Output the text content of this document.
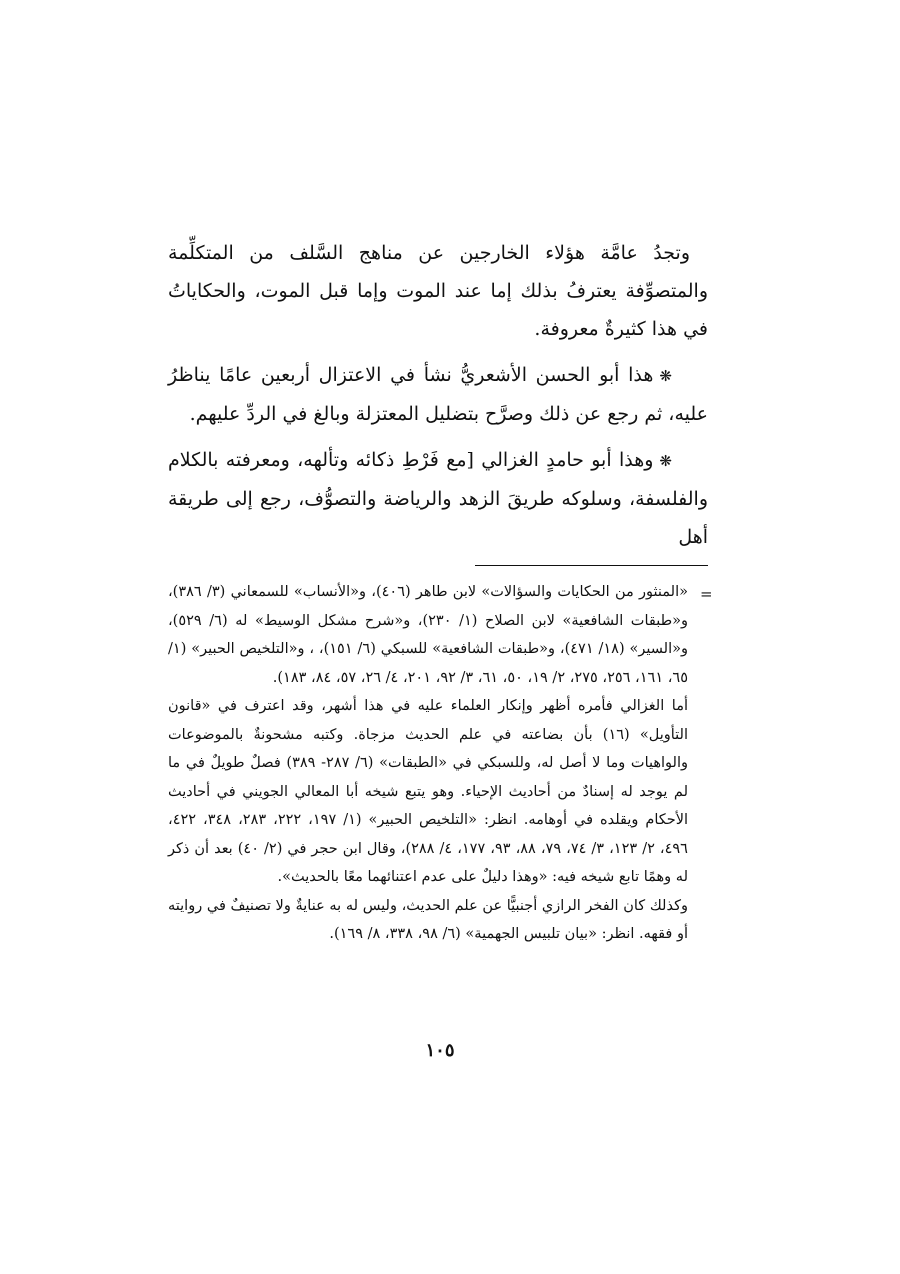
وتجدُ عامَّة هؤلاء الخارجين عن مناهج السَّلف من المتكلِّمة والمتصوِّفة يعترفُ بذلك إما عند الموت وإما قبل الموت، والحكاياتُ في هذا كثيرةٌ معروفة.

❋هذا أبو الحسن الأشعريُّ نشأ في الاعتزال أربعين عامًا يناظرُ عليه، ثم رجع عن ذلك وصرَّح بتضليل المعتزلة وبالغ في الردِّ عليهم.

❋وهذا أبو حامدٍ الغزالي [مع فَرْطِ ذكائه وتألهه، ومعرفته بالكلام والفلسفة، وسلوكه طريقَ الزهد والرياضة والتصوُّف، رجع إلى طريقة أهل

=

«المنثور من الحكايات والسؤالات» لابن طاهر (٤٠٦)، و«الأنساب» للسمعاني (٣/ ٣٨٦)، و«طبقات الشافعية» لابن الصلاح (١/ ٢٣٠)، و«شرح مشكل الوسيط» له (٦/ ٥٢٩)، و«السير» (١٨/ ٤٧١)، و«طبقات الشافعية» للسبكي (٦/ ١٥١)، ، و«التلخيص الحبير» (١/ ٦٥، ١٦١، ٢٥٦، ٢٧٥، ٢/ ١٩، ٥٠، ٦١، ٣/ ٩٢، ٢٠١، ٤/ ٢٦، ٥٧، ٨٤، ١٨٣).

أما الغزالي فأمره أظهر وإنكار العلماء عليه في هذا أشهر، وقد اعترف في «قانون التأويل» (١٦) بأن بضاعته في علم الحديث مزجاة. وكتبه مشحونةٌ بالموضوعات والواهيات وما لا أصل له، وللسبكي في «الطبقات» (٦/ ٢٨٧- ٣٨٩) فصلٌ طويلٌ في ما لم يوجد له إسنادٌ من أحاديث الإحياء. وهو يتبع شيخه أبا المعالي الجويني في أحاديث الأحكام ويقلده في أوهامه. انظر: «التلخيص الحبير» (١/ ١٩٧، ٢٢٢، ٢٨٣، ٣٤٨، ٤٢٢، ٤٩٦، ٢/ ١٢٣، ٣/ ٧٤، ٧٩، ٨٨، ٩٣، ١٧٧، ٤/ ٢٨٨)، وقال ابن حجر في (٢/ ٤٠) بعد أن ذكر له وهمًا تابع شيخه فيه: «وهذا دليلٌ على عدم اعتنائهما معًا بالحديث».

وكذلك كان الفخر الرازي أجنبيًّا عن علم الحديث، وليس له به عنايةٌ ولا تصنيفٌ في روايته أو فقهه. انظر: «بيان تلبيس الجهمية» (٦/ ٩٨، ٣٣٨، ٨/ ١٦٩).

١٠٥
